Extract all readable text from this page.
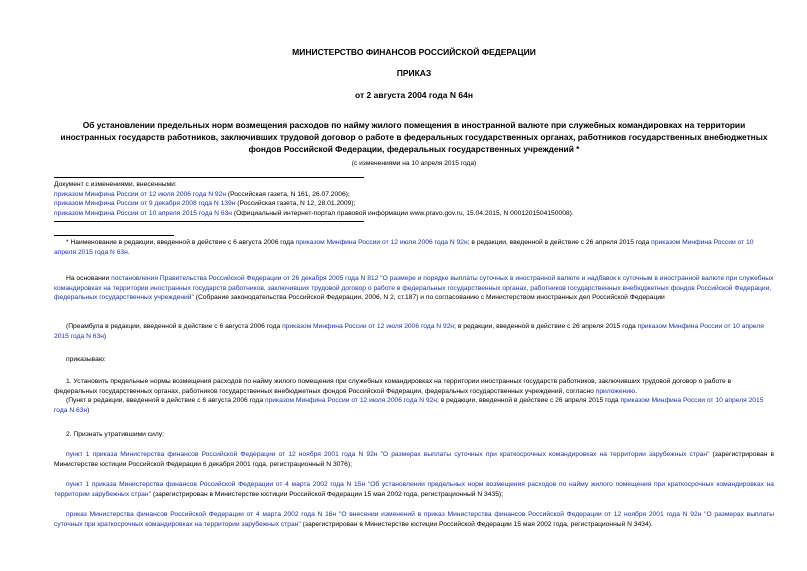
МИНИСТЕРСТВО ФИНАНСОВ РОССИЙСКОЙ ФЕДЕРАЦИИ
ПРИКАЗ
от 2 августа 2004 года N 64н
Об установлении предельных норм возмещения расходов по найму жилого помещения в иностранной валюте при служебных командировках на территории иностранных государств работников, заключивших трудовой договор о работе в федеральных государственных органах, работников государственных внебюджетных фондов Российской Федерации, федеральных государственных учреждений *
(с изменениями на 10 апреля 2015 года)
Документ с изменениями, внесенными:
приказом Минфина России от 12 июля 2006 года N 92н (Российская газета, N 161, 26.07.2006);
приказом Минфина России от 9 декабря 2008 года N 139н (Российская газета, N 12, 28.01.2009);
приказом Минфина России от 10 апреля 2015 года N 63н (Официальный интернет-портал правовой информации www.pravo.gov.ru, 15.04.2015, N 0001201504150008).
* Наименование в редакции, введенной в действие с 6 августа 2006 года приказом Минфина России от 12 июля 2006 года N 92н; в редакции, введенной в действие с 26 апреля 2015 года приказом Минфина России от 10 апреля 2015 года N 63н.
На основании постановления Правительства Российской Федерации от 26 декабря 2005 года N 812 "О размере и порядке выплаты суточных в иностранной валюте и надбавок к суточным в иностранной валюте при служебных командировках на территории иностранных государств работников, заключивших трудовой договор о работе в федеральных государственных органах, работников государственных внебюджетных фондов Российской Федерации, федеральных государственных учреждений" (Собрание законодательства Российской Федерации, 2006, N 2, ст.187) и по согласованию с Министерством иностранных дел Российской Федерации
(Преамбула в редакции, введенной в действие с 6 августа 2006 года приказом Минфина России от 12 июля 2006 года N 92н; в редакции, введенной в действие с 26 апреля 2015 года приказом Минфина России от 10 апреля 2015 года N 63н)
приказываю:
1. Установить предельные нормы возмещения расходов по найму жилого помещения при служебных командировках на территории иностранных государств работников, заключивших трудовой договор о работе в федеральных государственных органах, работников государственных внебюджетных фондов Российской Федерации, федеральных государственных учреждений, согласно приложению.
(Пункт в редакции, введенной в действие с 6 августа 2006 года приказом Минфина России от 12 июля 2006 года N 92н; в редакции, введенной в действие с 26 апреля 2015 года приказом Минфина России от 10 апреля 2015 года N 63н)
2. Признать утратившими силу:
пункт 1 приказа Министерства финансов Российской Федерации от 12 ноября 2001 года N 92н "О размерах выплаты суточных при краткосрочных командировках на территории зарубежных стран" (зарегистрирован в Министерстве юстиции Российской Федерации 6 декабря 2001 года, регистрационный N 3076);
пункт 1 приказа Министерства финансов Российской Федерации от 4 марта 2002 года N 15н "Об установлении предельных норм возмещения расходов по найму жилого помещения при краткосрочных командировках на территории зарубежных стран" (зарегистрирован в Министерстве юстиции Российской Федерации 15 мая 2002 года, регистрационный N 3435);
приказ Министерства финансов Российской Федерации от 4 марта 2002 года N 16н "О внесении изменений в приказ Министерства финансов Российской Федерации от 12 ноября 2001 года N 92н "О размерах выплаты суточных при краткосрочных командировках на территории зарубежных стран" (зарегистрирован в Министерстве юстиции Российской Федерации 15 мая 2002 года, регистрационный N 3434).
